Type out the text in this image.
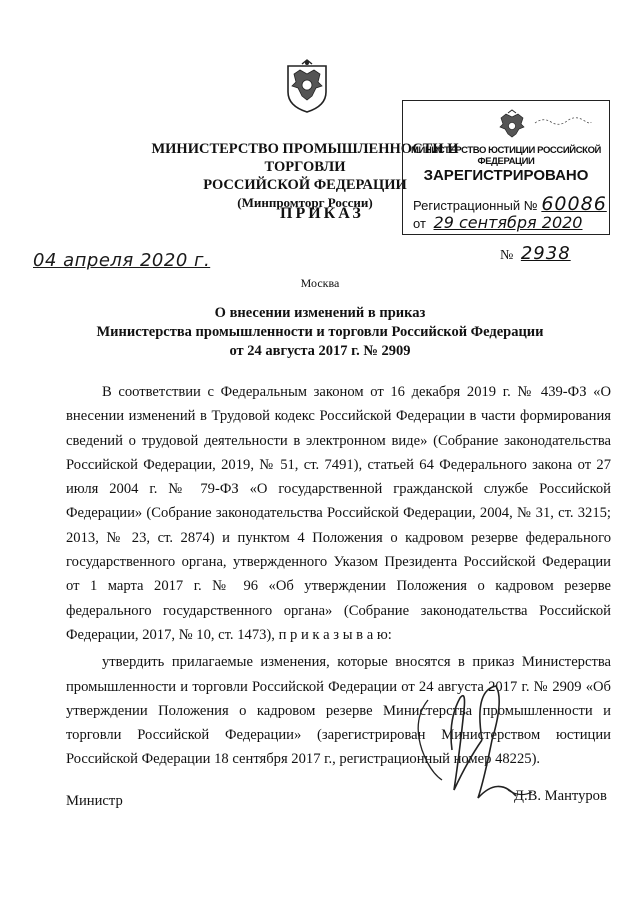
МИНИСТЕРСТВО ПРОМЫШЛЕННОСТИ И ТОРГОВЛИ
РОССИЙСКОЙ ФЕДЕРАЦИИ
(Минпромторг России)
МИНИСТЕРСТВО ЮСТИЦИИ РОССИЙСКОЙ ФЕДЕРАЦИИ
ЗАРЕГИСТРИРОВАНО
Регистрационный № 60086
от 29 сентября 2020
ПРИКАЗ
04 апреля 2020 г.	№ 2938
Москва
О внесении изменений в приказ
Министерства промышленности и торговли Российской Федерации
от 24 августа 2017 г. № 2909

В соответствии с Федеральным законом от 16 декабря 2019 г. № 439-ФЗ «О внесении изменений в Трудовой кодекс Российской Федерации в части формирования сведений о трудовой деятельности в электронном виде» (Собрание законодательства Российской Федерации, 2019, № 51, ст. 7491), статьей 64 Федерального закона от 27 июля 2004 г. № 79-ФЗ «О государственной гражданской службе Российской Федерации» (Собрание законодательства Российской Федерации, 2004, № 31, ст. 3215; 2013, № 23, ст. 2874) и пунктом 4 Положения о кадровом резерве федерального государственного органа, утвержденного Указом Президента Российской Федерации от 1 марта 2017 г. № 96 «Об утверждении Положения о кадровом резерве федерального государственного органа» (Собрание законодательства Российской Федерации, 2017, № 10, ст. 1473), п р и к а з ы в а ю:

утвердить прилагаемые изменения, которые вносятся в приказ Министерства промышленности и торговли Российской Федерации от 24 августа 2017 г. № 2909 «Об утверждении Положения о кадровом резерве Министерства промышленности и торговли Российской Федерации» (зарегистрирован Министерством юстиции Российской Федерации 18 сентября 2017 г., регистрационный номер 48225).

Министр	Д.В. Мантуров
